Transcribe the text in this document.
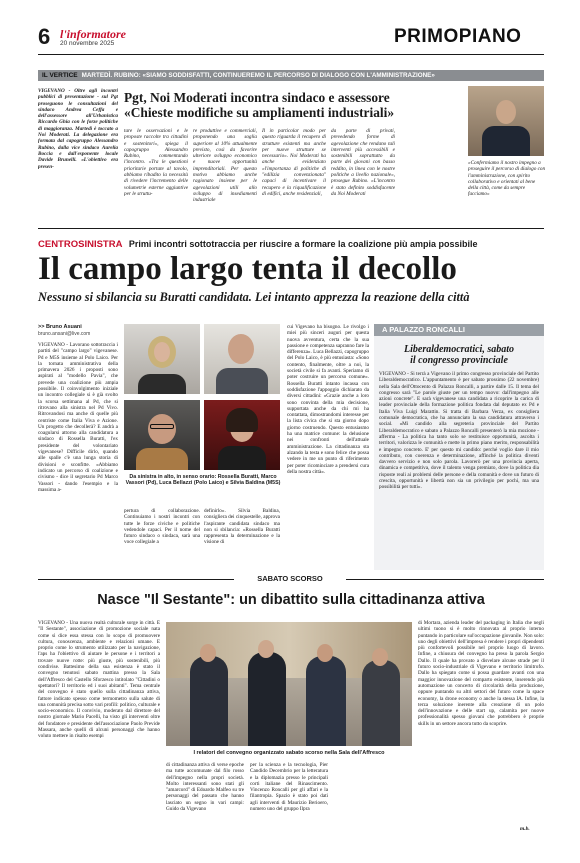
6 l'informatore
20 novembre 2025	PRIMOPIANO
IL VERTICE MARTEDÌ. RUBINO: «SIAMO SODDISFATTI, CONTINUEREMO IL PERCORSO DI DIALOGO CON L'AMMINISTRAZIONE»

VIGEVANO - Oltre agli incontri pubblici di presentazione - sul Pgt proseguono le consultazioni del sindaco Andrea Ceffa e dell'assessore all'Urbanistica Riccardo Ghia con le forze politiche di maggioranza. Martedì è toccato a Noi Moderati. La delegazione era formata dal capogruppo Alessandro Rubino, dalla vice sindaco Aurelia Boccia e dall'esponente locale Davide Brunelli. «L'obiettivo era presen-

Pgt, Noi Moderati incontra sindaco e assessore
«Chieste modifiche su ampliamenti industriali»

tare le osservazioni e le proposte raccolte tra cittadini e sostenitori», spiega il capogruppo Alessandro Rubino, commentando l'incontro. «Tra le questioni prioritarie portate al tavolo, abbiamo ribadito la necessità di rivedere l'incremento delle volumetrie esterne aggiuntive per le struttu-

re produttive e commerciali, proponendo una soglia superiore al 10% attualmente previsto, così da favorire ulteriore sviluppo economico e nuove opportunità imprenditoriali. Per questo motivo abbiamo anche ragionato insieme per le agevolazioni utili allo sviluppo di insediamenti industriale

Il in particolar modo per questo riguarda il recupero di strutture esistenti ma anche per nuove strutture se necessario». Noi Moderati ha anche evidenziato «l'importanza di politiche di "edilizia convenzionata" capaci di incentivare il recupero e la riqualificazione di edifici, anche residenziali,

da parte di privati, prevedendo forme di agevolazione che rendano tali interventi più accessibili e sostenibili soprattutto da parte dei giovani con basso reddito, in linea con le nostre politiche a livello nazionale», prosegue Rubino. «L'incontro è stato definito soddisfacente da Noi Moderati

«Confermiamo il nostro impegno a proseguire il percorso di dialogo con l'amministrazione, con spirito collaborativo e orientati al bene della città, come da sempre facciamo»

CENTROSINISTRA Primi incontri sottotraccia per riuscire a formare la coalizione più ampia possibile
Il campo largo tenta il decollo
Nessuno si sbilancia su Buratti candidata. Lei intanto apprezza la reazione della città
>> Bruno Asuani
bruno.ansani@live.com

VIGEVANO - Lavorano sottotraccia i partiti del "campo largo" vigevanese. Pd e M5S insieme al Polo Laico. Per la tornata amministrativa della primavera 2026 i proposti sono aspirati al "modello Pavia", che prevede una coalizione più ampia possibile. Il coinvolgimento iniziale un incontro collegiale si è già svolto la scorsa settimana al Pd, che si ritrovano alla sinistra nel Pd Vivo. Ritrovandosi ma anche di quelle più centriste come Italia Viva e Azione. Un progetto che decollerà? E andrà a coagularsi attorno alla candidatura a sindaco di Rossella Buratti, l'ex presidente del volontariato vigevanese? Difficile dirlo, quando alle spalle c'è una lunga storia di divisioni e sconfitte. «Abbiamo indicato un percorso di coalizione e civismo - dice il segretario Pd Marco Vassori - dando l'esempio e la massima a-

Da sinistra in alto, in senso orario: Rossella Buratti, Marco Vassori (Pd), Luca Bellazzi (Polo Laico) e Silvia Baldina (M5S)

pertura di collaborazione. Continuiamo i nostri incontri con tutte le forze civiche e politiche vedendole capaci. Per il nome del futuro sindaco o sindaca, sarà una voce collegiale a

definirlo». Silvia Baldina, consigliera dei cinquestelle, approva l'aspirante candidata sindaco ma non si sbilancia: «Rossella Buratti rappresenta la determinazione e la visione di

cui Vigevano ha bisogno. Le rivolgo i miei più sinceri auguri per questa nuova avventura, certa che la sua passione e competenza sapranno fare la differenza». Luca Bellazzi, capogruppo del Polo Laico, è più entusiasta: «Sono contento, finalmente, oltre a noi, la società civile si fa avanti. Speriamo di poter costruire un percorso comune». Rossella Buratti intanto incassa con soddisfazione l'appoggio dichiarato da diversi cittadini: «Grazie anche a loro sono convinta della mia decisione, supportata anche da chi mi ha contattata, dimostrandomi interesse per la lista civica che si sta giorno dopo giorno costruendo. Questo entusiasmo ha una matrice comune: la delusione nei confronti dell'attuale amministrazione. La cittadinanza sta alzando la testa e sono felice che possa vedere in me un punto di riferimento per poter ricominciare a prendersi cura della nostra città».

A PALAZZO RONCALLI
Liberaldemocratici, sabato
il congresso provinciale

VIGEVANO - Si terrà a Vigevano il primo congresso provinciale del Partito Liberaldemocratico. L'appuntamento è per sabato prossimo (22 novembre) nella Sala dell'Ottocento di Palazzo Roncalli, a partire dalle 15. Il tema del congresso sarà "Le parole giuste per un tempo nuovo: dall'impegno alle azioni concrete". E sarà vigevanese una candidata a ricoprire la carica di leader provinciale della formazione politica fondata dal deputato ex Pd e Italia Viva Luigi Marattin. Si tratta di Barbara Verza, ex consigliera comunale democratica, che ha annunciato la sua candidatura attraverso i social. «Mi candido alla segreteria provinciale del Partito Liberaldemocratico e sabato a Palazzo Roncalli presenterò la mia mozione - afferma - La politica ha tanto solo se restituisce opportunità, ascolta i territori, valorizza le comunità e mette in primo piano merito, responsabilità e impegno concreto. E' per questo mi candido: perché voglio dare il mio contributo, con coerenza e determinazione, affinché la politica diventi davvero servizio e non solo parola. Lavorerò per una provincia aperta, dinamica e competitiva, dove il talento venga premiato, dove la politica dia risposte reali ai problemi delle persone e della comunità e dove un futuro di crescita, opportunità e libertà non sia un privilegio per pochi, ma una possibilità per tutti».

SABATO SCORSO
Nasce "Il Sestante": un dibattito sulla cittadinanza attiva

VIGEVANO - Una nuova realtà culturale sorge in città. È "Il Sestante", associazione di promozione sociale nata come sì dice essa stessa con lo scopo di promuovere cultura, conoscenza, ambiente e relazioni umane. E proprio come lo strumento utilizzato per la navigazione, l'aps ha l'obiettivo di aiutare le persone e i territori a trovare nuove rotte: più giuste, più sostenibili, più condivise. Battesimo della sua esistenza è stato il convegno tenutosi sabato mattina presso la Sala dell'Affresco del Castello Sforzesco intitolato "Cittadini o spettatori? Il territorio ed i suoi abitanti". Tema centrale del convegno è stato quello sulla cittadinanza attiva, fattore indicato spesso come termometro sulla salute di una comunità precisa sotto vari profili: politico, culturale e socio-economico. Il convivio, moderato dal direttore del nostro giornale Mario Pacelli, ha visto gli interventi oltre del fondatore e presidente dell'associazione Paolo Previde Massara, anche quelli di alcuni personaggi che hanno voluto mettere in risalto esempi

I relatori del convegno organizzato sabato scorso nella Sala dell'Affresco

di cittadinanza attiva di verse epoche ma tutte accomunate dal filo rosso dell'impegno nella propri società. Molto interessanti sono stati gli "amarcord" di Edoardo Malfeo su tre personaggi del passato che hanno lasciato un segno in vari campi: Guido da Vigevano

per la scienza e la tecnologia, Pier Candido Decembrio per la letteratura e la diplomazia presso le principali corti italiane del Rinascimento. Vincenzo Roncalli per gli affari e la filantropia. Spazio è stato poi dati agli interventi di Maurizio Berioero, numero uno del gruppo Ilpra

di Mortara, azienda leader del packaging in Italia che negli ultimi tuono si è molto rinnovata al proprio interno puntando in particolare sul'occupazione giovanile. Non solo: uno degli obiettivi dell'impresa è rendere i propri dipendenti più confortevoli possibile nel proprio luogo di lavoro. Infine, a chiusura del convegno ha preso la parola Sergio Dallo. Il quale ha provato a disvelare alcune strade per il futuro socio-industriale di Vigevano e territorio limitrofo. Dallo ha spiegato come si possa guardare avanti con una maggior innovazione del comparto esistente, inserendo più automazione un concerto di circolarità della produzione, oppure puntando su altri settori del futuro come la space economy, la drone economy o anche la stessa IA. Infine, la terza soluzione inerente alla creazione di un polo dell'innovazione e delle start up, calamita per nuove professionalità spesso giovani che potrebbero è proprie skills in un settore ancora tutto da scoprire.

m.b.
